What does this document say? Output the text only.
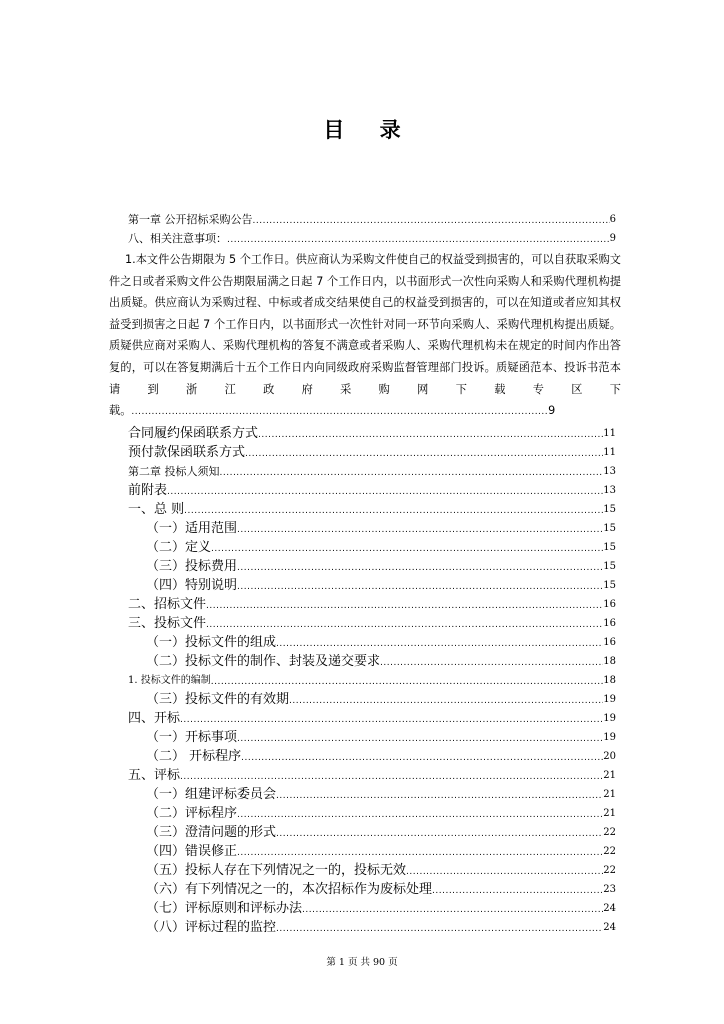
目 录
第一章 公开招标采购公告 .....	6
八、相关注意事项： .....	9
1.本文件公告期限为 5 个工作日。供应商认为采购文件使自己的权益受到损害的，可以自获取采购文件之日或者采购文件公告期限届满之日起 7 个工作日内，以书面形式一次性向采购人和采购代理机构提出质疑。供应商认为采购过程、中标或者成交结果使自己的权益受到损害的，可以在知道或者应知其权益受到损害之日起 7 个工作日内，以书面形式一次性针对同一环节向采购人、采购代理机构提出质疑。质疑供应商对采购人、采购代理机构的答复不满意或者采购人、采购代理机构未在规定的时间内作出答复的，可以在答复期满后十五个工作日内向同级政府采购监督管理部门投诉。质疑函范本、投诉书范本请到浙江政府采购网下载专区下载。............................................................................................................................9
合同履约保函联系方式 .....	11
预付款保函联系方式 .....	11
第二章 投标人须知 .....	13
前附表 .....	13
一、总 则 .....	15
（一）适用范围 .....	15
（二）定义 .....	15
（三）投标费用 .....	15
（四）特别说明 .....	15
二、招标文件 .....	16
三、投标文件 .....	16
（一）投标文件的组成 .....	16
（二）投标文件的制作、封装及递交要求 .....	18
1. 投标文件的编制 .....	18
（三）投标文件的有效期 .....	19
四、开标 .....	19
（一）开标事项 .....	19
（二） 开标程序 .....	20
五、评标 .....	21
（一）组建评标委员会 .....	21
（二）评标程序 .....	21
（三）澄清问题的形式 .....	22
（四）错误修正 .....	22
（五）投标人存在下列情况之一的，投标无效 .....	22
（六）有下列情况之一的，本次招标作为废标处理 .....	23
（七）评标原则和评标办法 .....	24
（八）评标过程的监控 .....	24
第 1 页 共 90 页
